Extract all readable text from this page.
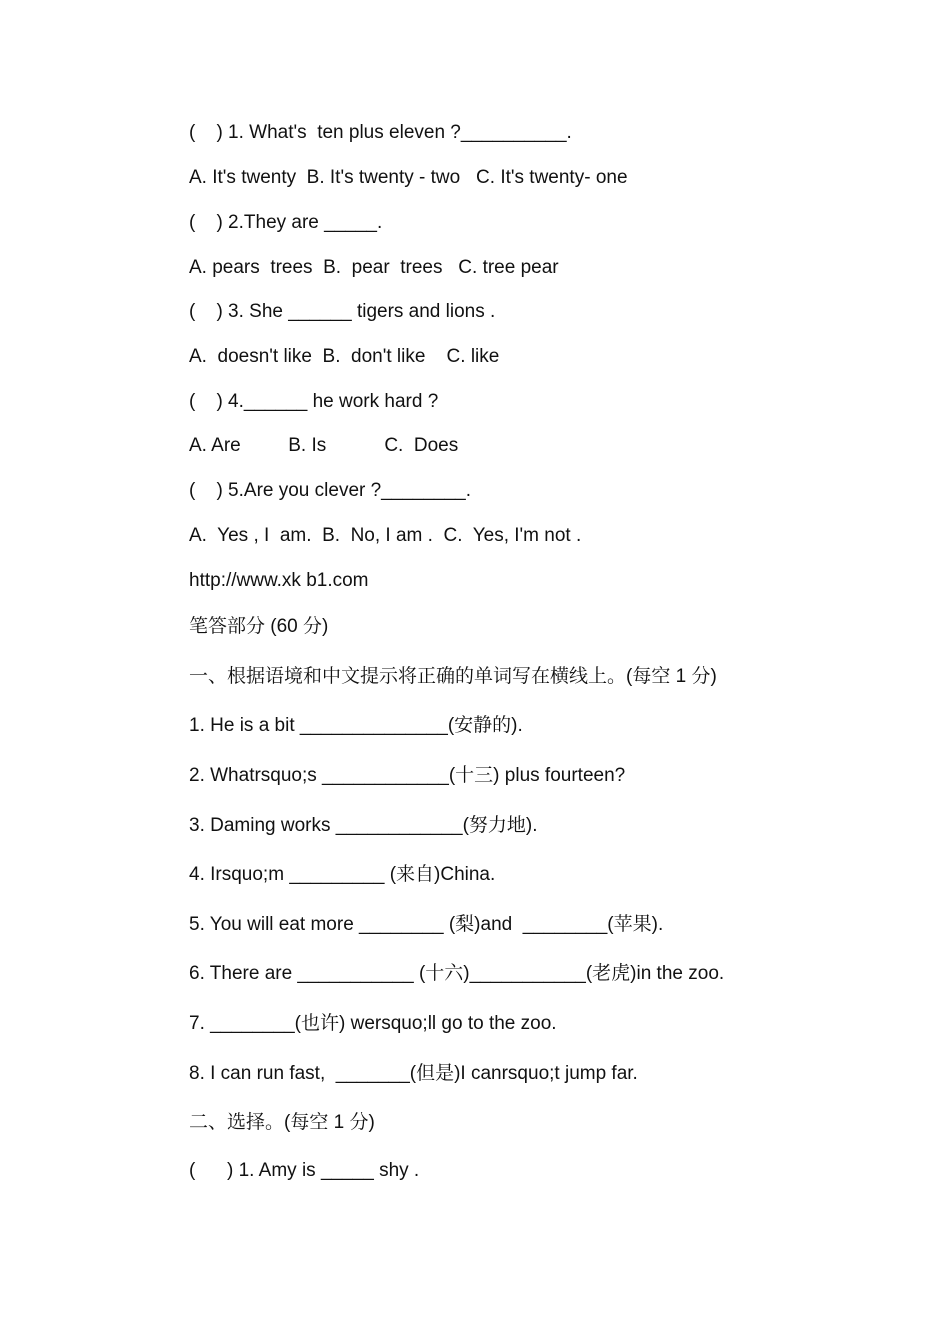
(    ) 1. What's  ten plus eleven ?__________.
A. It's twenty  B. It's twenty - two   C. It's twenty- one
(    ) 2.They are _____.
A. pears  trees  B.  pear  trees   C. tree pear
(    ) 3. She ______ tigers and lions .
A.  doesn't like  B.  don't like    C. like
(    ) 4.______ he work hard ?
A. Are         B. Is           C.  Does
(    ) 5.Are you clever ?________.
A.  Yes , I  am.  B.  No, I am .  C.  Yes, I'm not .
http://www.xk b1.com
笔答部分 (60 分)
一、根据语境和中文提示将正确的单词写在横线上。(每空 1 分)
1. He is a bit ______________(安静的).
2. Whatrsquo;s ____________(十三) plus fourteen?
3. Daming works ____________(努力地).
4. Irsquo;m _________ (来自)China.
5. You will eat more ________ (梨)and  ________(苹果).
6. There are ___________ (十六)___________(老虎)in the zoo.
7. ________(也许) wersquo;ll go to the zoo.
8. I can run fast,  _______(但是)I canrsquo;t jump far.
二、选择。(每空 1 分)
(      ) 1. Amy is _____ shy .
